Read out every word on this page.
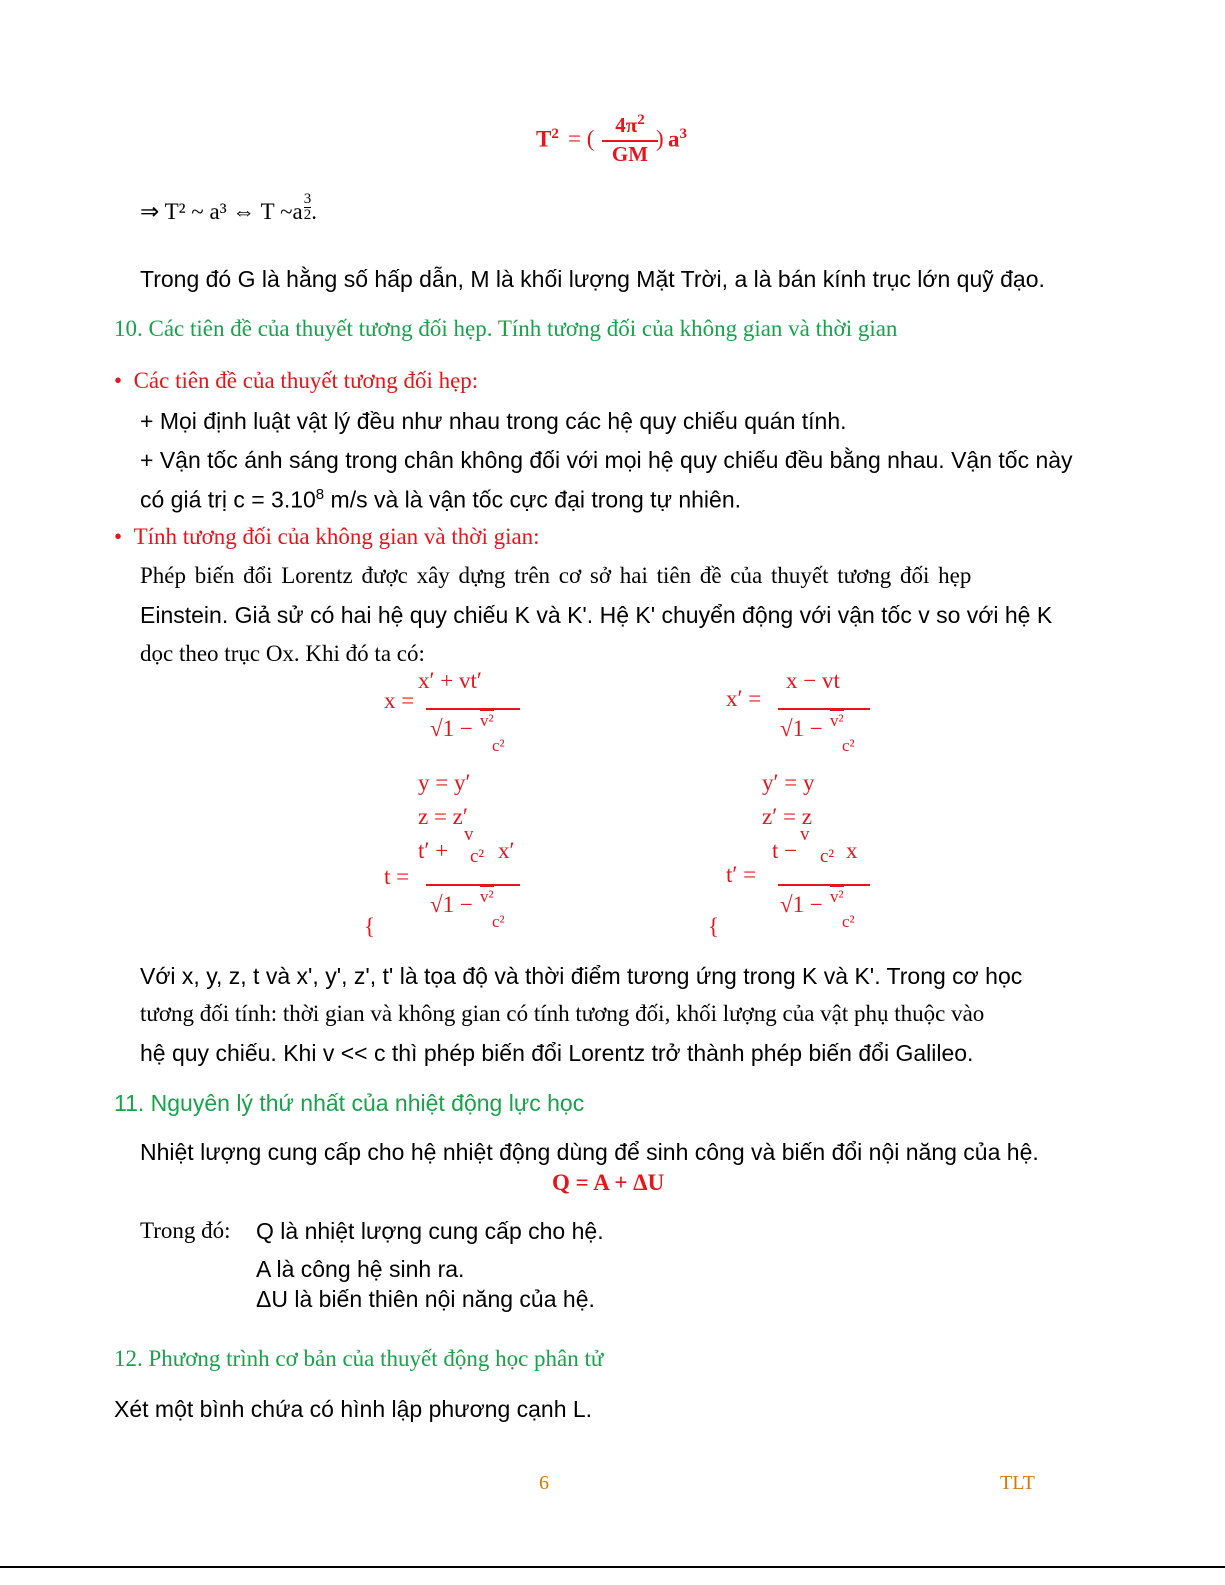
$T^2$ = (
$4\pi^2$
GM
) $a^3$
⇒ T² ~ a³ ⇔ T ~a $\frac{3}{2}$ .
Trong đó G là hằng số hấp dẫn, M là khối lượng Mặt Trời, a là bán kính trục lớn quỹ đạo.
10. Các tiên đề của thuyết tương đối hẹp. Tính tương đối của không gian và thời gian
•  Các tiên đề của thuyết tương đối hẹp:
+ Mọi định luật vật lý đều như nhau trong các hệ quy chiếu quán tính.
+ Vận tốc ánh sáng trong chân không đối với mọi hệ quy chiếu đều bằng nhau. Vận tốc này
có giá trị $c = 3.10^8$ m/s và là vận tốc cực đại trong tự nhiên.
•  Tính tương đối của không gian và thời gian:
Phép biến đổi Lorentz được xây dựng trên cơ sở hai tiên đề của thuyết tương đối hẹp
Einstein. Giả sử có hai hệ quy chiếu K và K'. Hệ K' chuyển động với vận tốc v so với hệ K
dọc theo trục Ox. Khi đó ta có:
x =
x′ + vt′
√1 − v²
c²
y = y′
z = z′
t =
t′ +
v
c² x′
√1 − v²
c²
{
x′ =
x − vt
√1 − v²
c²
y′ = y
z′ = z
t′ =
t −
v
c² x
√1 − v²
c²
{
Với x, y, z, t và x', y', z', t' là tọa độ và thời điểm tương ứng trong K và K'. Trong cơ học
tương đối tính: thời gian và không gian có tính tương đối, khối lượng của vật phụ thuộc vào
hệ quy chiếu. Khi v << c thì phép biến đổi Lorentz trở thành phép biến đổi Galileo.
11. Nguyên lý thứ nhất của nhiệt động lực học
Nhiệt lượng cung cấp cho hệ nhiệt động dùng để sinh công và biến đổi nội năng của hệ.
Q = A + ΔU
Trong đó: Q là nhiệt lượng cung cấp cho hệ.
A là công hệ sinh ra.
ΔU là biến thiên nội năng của hệ.
12. Phương trình cơ bản của thuyết động học phân tử
Xét một bình chứa có hình lập phương cạnh L.
6	TLT
